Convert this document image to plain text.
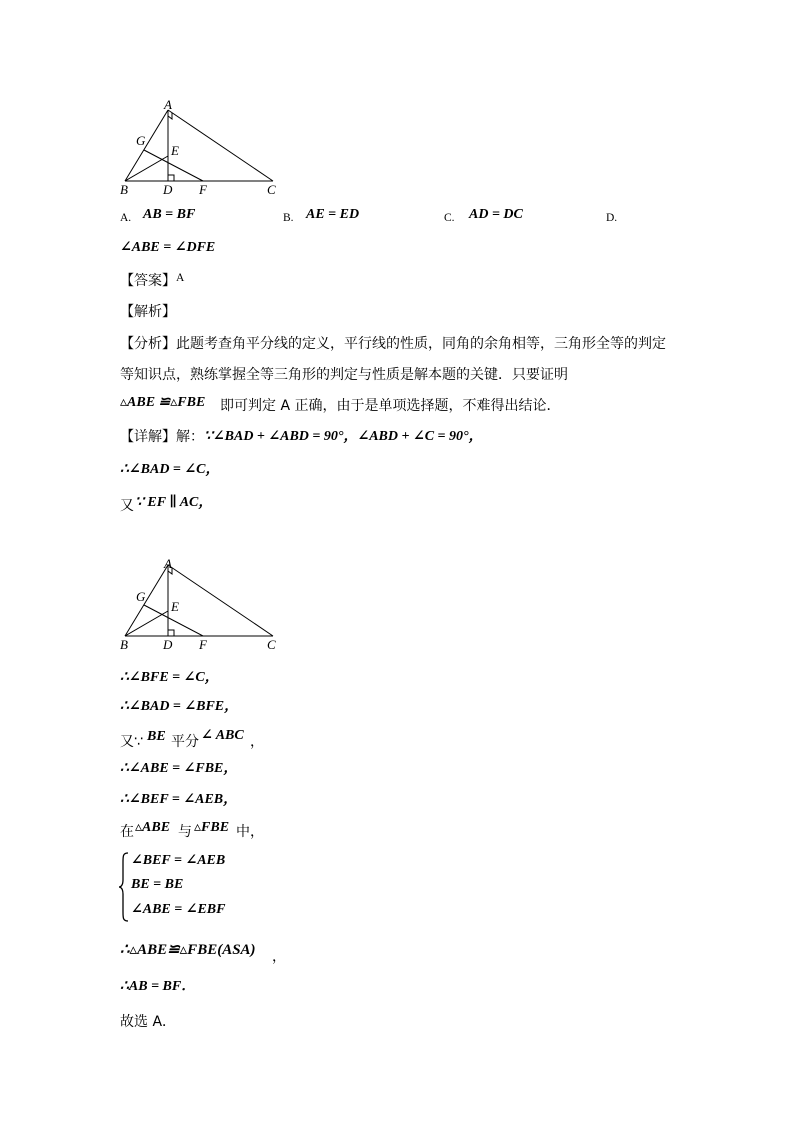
A
G
E
B	D F	C
A. AB = BF	B. AE = ED	C. AD = DC	D.
∠ABE = ∠DFE
【答案】 A
【解析】
【分析】此题考查角平分线的定义，平行线的性质，同角的余角相等，三角形全等的判定
等知识点，熟练掌握全等三角形的判定与性质是解本题的关键．只要证明
▵ABE ≌▵FBE 即可判定 A 正确，由于是单项选择题，不难得出结论．
【详解】解： ∵∠BAD + ∠ABD = 90°，∠ABD + ∠C = 90°，
∴∠BAD = ∠C，
又 ∵ EF ∥ AC，
A
G
E
B	D F	C
∴∠BFE = ∠C，
∴∠BAD = ∠BFE，
又∵ BE 平分 ∠ ABC ，
∴∠ABE = ∠FBE，
∴∠BEF = ∠AEB，
在 ▵ABE 与 ▵FBE 中，
∠BEF = ∠AEB
BE = BE
∠ABE = ∠EBF
∴▵ABE≌▵FBE(ASA) ，
∴AB = BF．
故选 A．
